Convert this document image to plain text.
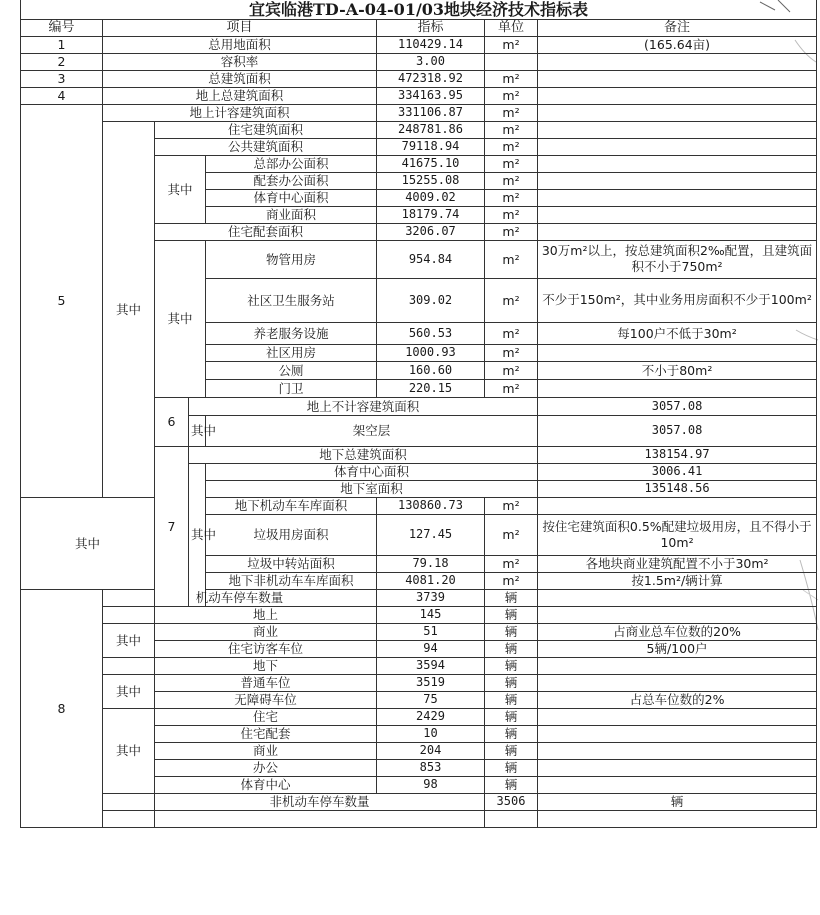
宜宾临港TD-A-04-01/03地块经济技术指标表								
编号	项目				指标	单位	备注	
1	总用地面积				110429.14	m²	(165.64亩)	
2	容积率				3.00			
3	总建筑面积				472318.92	m²		
4	地上总建筑面积				334163.95	m²		
5	地上计容建筑面积				331106.87	m²		
	其中	住宅建筑面积			248781.86	m²		
		公共建筑面积			79118.94	m²		
		其中		总部办公面积	41675.10	m²		
				配套办公面积	15255.08	m²		
				体育中心面积	4009.02	m²		
				商业面积	18179.74	m²		
		住宅配套面积			3206.07	m²		
		其中		物管用房	954.84	m²	30万m²以上，按总建筑面积2‰配置，且建筑面积不小于750m²	
				社区卫生服务站	309.02	m²	不少于150m²，其中业务用房面积不少于100m²	
				养老服务设施	560.53	m²	每100户不低于30m²	
				社区用房	1000.93	m²		
				公厕	160.60	m²	不小于80m²	
				门卫	220.15	m²		
		6	地上不计容建筑面积				3057.08		
			其中	架空层			3057.08		
		7	地下总建筑面积				138154.97		
			其中	体育中心面积			3006.41		
				地下室面积			135148.56		
其中				地下机动车车库面积	130860.73	m²		
				垃圾用房面积	127.45	m²	按住宅建筑面积0.5%配建垃圾用房，且不得小于10m²	
				垃圾中转站面积	79.18	m²	各地块商业建筑配置不小于30m²	
				地下非机动车车库面积	4081.20	m²	按1.5m²/辆计算	
8	机动车停车数量				3739	辆		
		地上			145	辆		
	其中	商业			51	辆	占商业总车位数的20%	
		住宅访客车位			94	辆	5辆/100户	
		地下			3594	辆		
	其中	普通车位			3519	辆		
		无障碍车位			75	辆	占总车位数的2%	
	其中	住宅			2429	辆		
		住宅配套			10	辆		
		商业			204	辆		
		办公			853	辆		
		体育中心			98	辆		
		非机动车停车数量				3506	辆	
